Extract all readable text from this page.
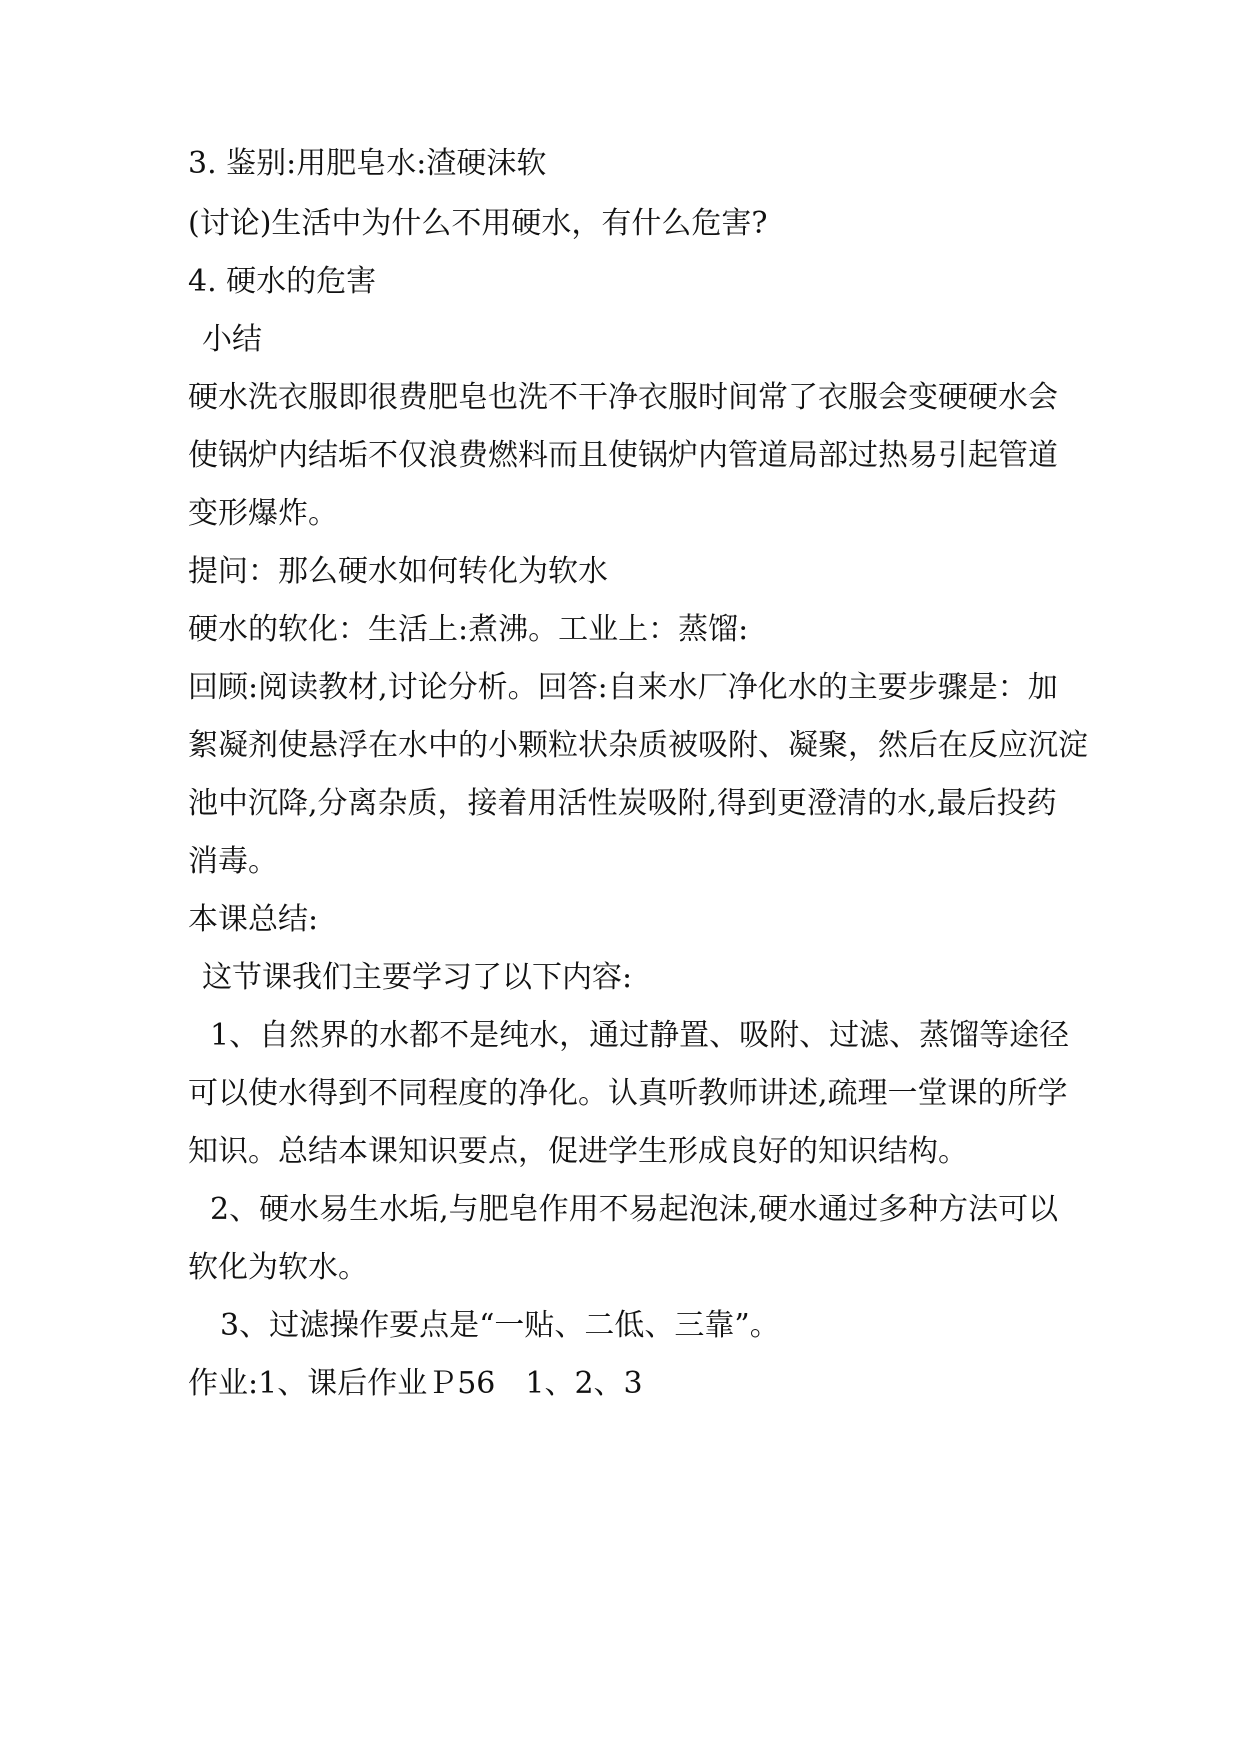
3. 鉴别:用肥皂水:渣硬沫软
(讨论)生活中为什么不用硬水，有什么危害?
4. 硬水的危害
小结
硬水洗衣服即很费肥皂也洗不干净衣服时间常了衣服会变硬硬水会
使锅炉内结垢不仅浪费燃料而且使锅炉内管道局部过热易引起管道
变形爆炸。
提问：那么硬水如何转化为软水
硬水的软化：生活上:煮沸。工业上：蒸馏:
回顾:阅读教材,讨论分析。回答:自来水厂净化水的主要步骤是：加
絮凝剂使悬浮在水中的小颗粒状杂质被吸附、凝聚，然后在反应沉淀
池中沉降,分离杂质，接着用活性炭吸附,得到更澄清的水,最后投药
消毒。
本课总结:
这节课我们主要学习了以下内容:
1、自然界的水都不是纯水，通过静置、吸附、过滤、蒸馏等途径
可以使水得到不同程度的净化。认真听教师讲述,疏理一堂课的所学
知识。总结本课知识要点，促进学生形成良好的知识结构。
2、硬水易生水垢,与肥皂作用不易起泡沫,硬水通过多种方法可以
软化为软水。
3、过滤操作要点是“一贴、二低、三靠”。
作业:1、课后作业Ｐ56　1、2、3
